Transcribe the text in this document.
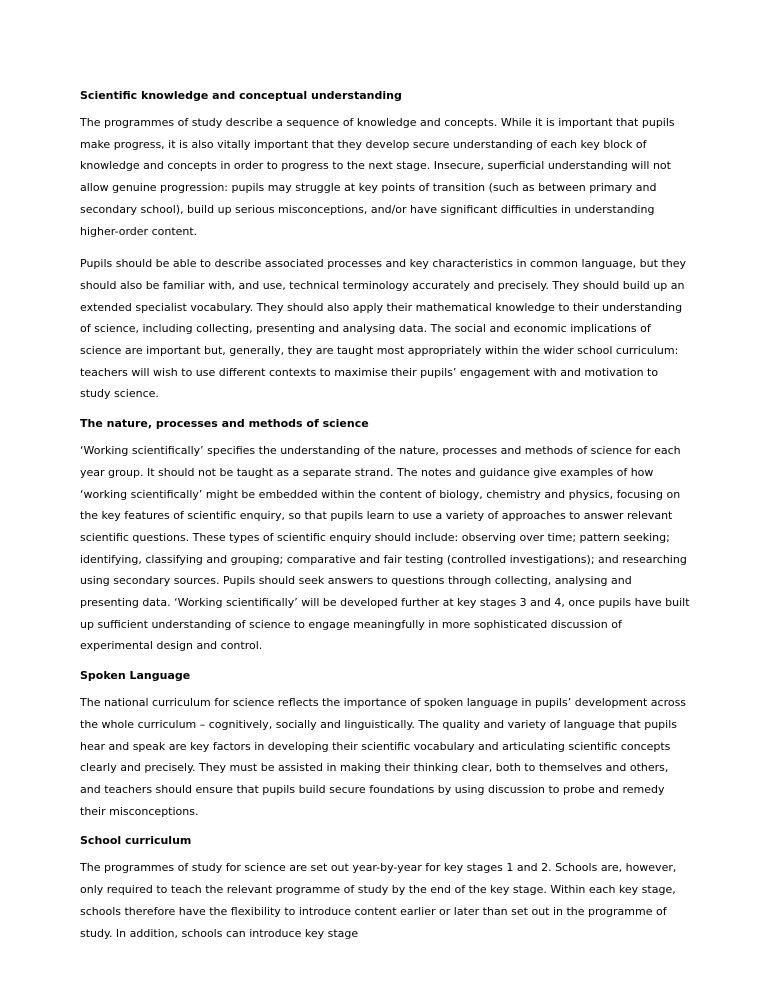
Scientific knowledge and conceptual understanding

The programmes of study describe a sequence of knowledge and concepts. While it is important that pupils make progress, it is also vitally important that they develop secure understanding of each key block of knowledge and concepts in order to progress to the next stage. Insecure, superficial understanding will not allow genuine progression: pupils may struggle at key points of transition (such as between primary and secondary school), build up serious misconceptions, and/or have significant difficulties in understanding higher-order content.

Pupils should be able to describe associated processes and key characteristics in common language, but they should also be familiar with, and use, technical terminology accurately and precisely. They should build up an extended specialist vocabulary. They should also apply their mathematical knowledge to their understanding of science, including collecting, presenting and analysing data. The social and economic implications of science are important but, generally, they are taught most appropriately within the wider school curriculum: teachers will wish to use different contexts to maximise their pupils’ engagement with and motivation to study science.

The nature, processes and methods of science

‘Working scientifically’ specifies the understanding of the nature, processes and methods of science for each year group. It should not be taught as a separate strand. The notes and guidance give examples of how ‘working scientifically’ might be embedded within the content of biology, chemistry and physics, focusing on the key features of scientific enquiry, so that pupils learn to use a variety of approaches to answer relevant scientific questions. These types of scientific enquiry should include: observing over time; pattern seeking; identifying, classifying and grouping; comparative and fair testing (controlled investigations); and researching using secondary sources. Pupils should seek answers to questions through collecting, analysing and presenting data. ‘Working scientifically’ will be developed further at key stages 3 and 4, once pupils have built up sufficient understanding of science to engage meaningfully in more sophisticated discussion of experimental design and control.

Spoken Language

The national curriculum for science reflects the importance of spoken language in pupils’ development across the whole curriculum – cognitively, socially and linguistically. The quality and variety of language that pupils hear and speak are key factors in developing their scientific vocabulary and articulating scientific concepts clearly and precisely. They must be assisted in making their thinking clear, both to themselves and others, and teachers should ensure that pupils build secure foundations by using discussion to probe and remedy their misconceptions.

School curriculum

The programmes of study for science are set out year-by-year for key stages 1 and 2. Schools are, however, only required to teach the relevant programme of study by the end of the key stage. Within each key stage, schools therefore have the flexibility to introduce content earlier or later than set out in the programme of study. In addition, schools can introduce key stage
